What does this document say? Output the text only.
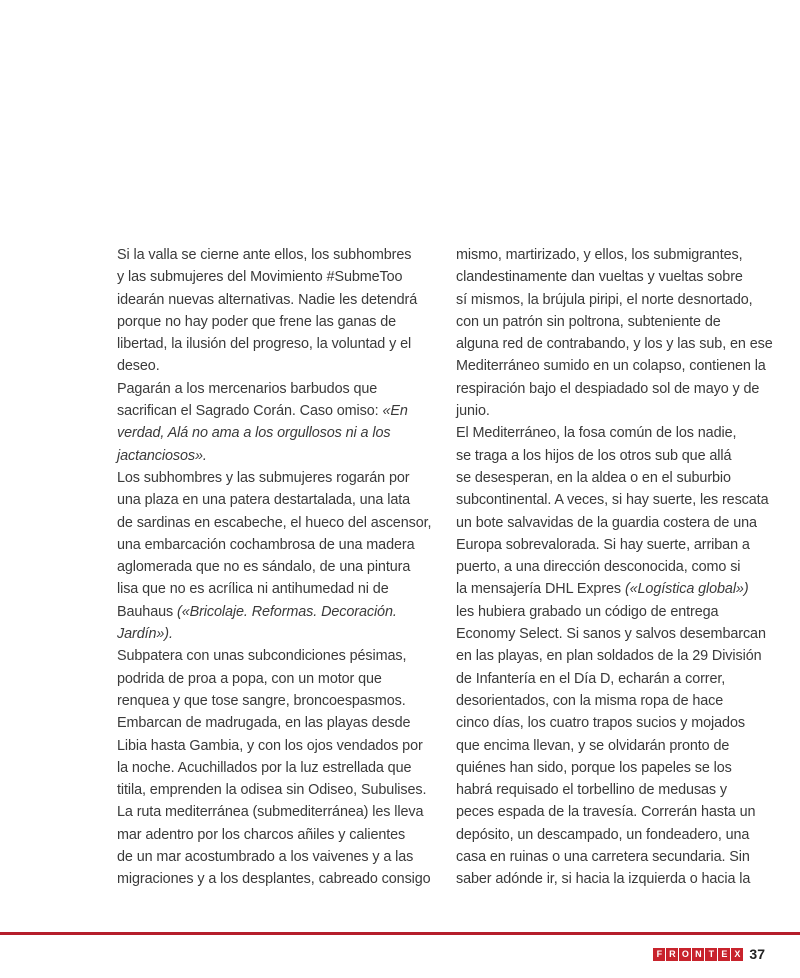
Si la valla se cierne ante ellos, los subhombres
y las submujeres del Movimiento #SubmeToo
idearán nuevas alternativas. Nadie les detendrá
porque no hay poder que frene las ganas de
libertad, la ilusión del progreso, la voluntad y el
deseo.
Pagarán a los mercenarios barbudos que
sacrifican el Sagrado Corán. Caso omiso: «En
verdad, Alá no ama a los orgullosos ni a los
jactanciosos».
Los subhombres y las submujeres rogarán por
una plaza en una patera destartalada, una lata
de sardinas en escabeche, el hueco del ascensor,
una embarcación cochambrosa de una madera
aglomerada que no es sándalo, de una pintura
lisa que no es acrílica ni antihumedad ni de
Bauhaus («Bricolaje. Reformas. Decoración.
Jardín»).
Subpatera con unas subcondiciones pésimas,
podrida de proa a popa, con un motor que
renquea y que tose sangre, broncoespasmos.
Embarcan de madrugada, en las playas desde
Libia hasta Gambia, y con los ojos vendados por
la noche. Acuchillados por la luz estrellada que
titila, emprenden la odisea sin Odiseo, Subulises.
La ruta mediterránea (submediterránea) les lleva
mar adentro por los charcos añiles y calientes
de un mar acostumbrado a los vaivenes y a las
migraciones y a los desplantes, cabreado consigo
mismo, martirizado, y ellos, los submigrantes,
clandestinamente dan vueltas y vueltas sobre
sí mismos, la brújula piripi, el norte desnortado,
con un patrón sin poltrona, subteniente de
alguna red de contrabando, y los y las sub, en ese
Mediterráneo sumido en un colapso, contienen la
respiración bajo el despiadado sol de mayo y de
junio.
El Mediterráneo, la fosa común de los nadie,
se traga a los hijos de los otros sub que allá
se desesperan, en la aldea o en el suburbio
subcontinental. A veces, si hay suerte, les rescata
un bote salvavidas de la guardia costera de una
Europa sobrevalorada. Si hay suerte, arriban a
puerto, a una dirección desconocida, como si
la mensajería DHL Expres («Logística global»)
les hubiera grabado un código de entrega
Economy Select. Si sanos y salvos desembarcan
en las playas, en plan soldados de la 29 División
de Infantería en el Día D, echarán a correr,
desorientados, con la misma ropa de hace
cinco días, los cuatro trapos sucios y mojados
que encima llevan, y se olvidarán pronto de
quiénes han sido, porque los papeles se los
habrá requisado el torbellino de medusas y
peces espada de la travesía. Correrán hasta un
depósito, un descampado, un fondeadero, una
casa en ruinas o una carretera secundaria. Sin
saber adónde ir, si hacia la izquierda o hacia la
F R O N T E X 37
